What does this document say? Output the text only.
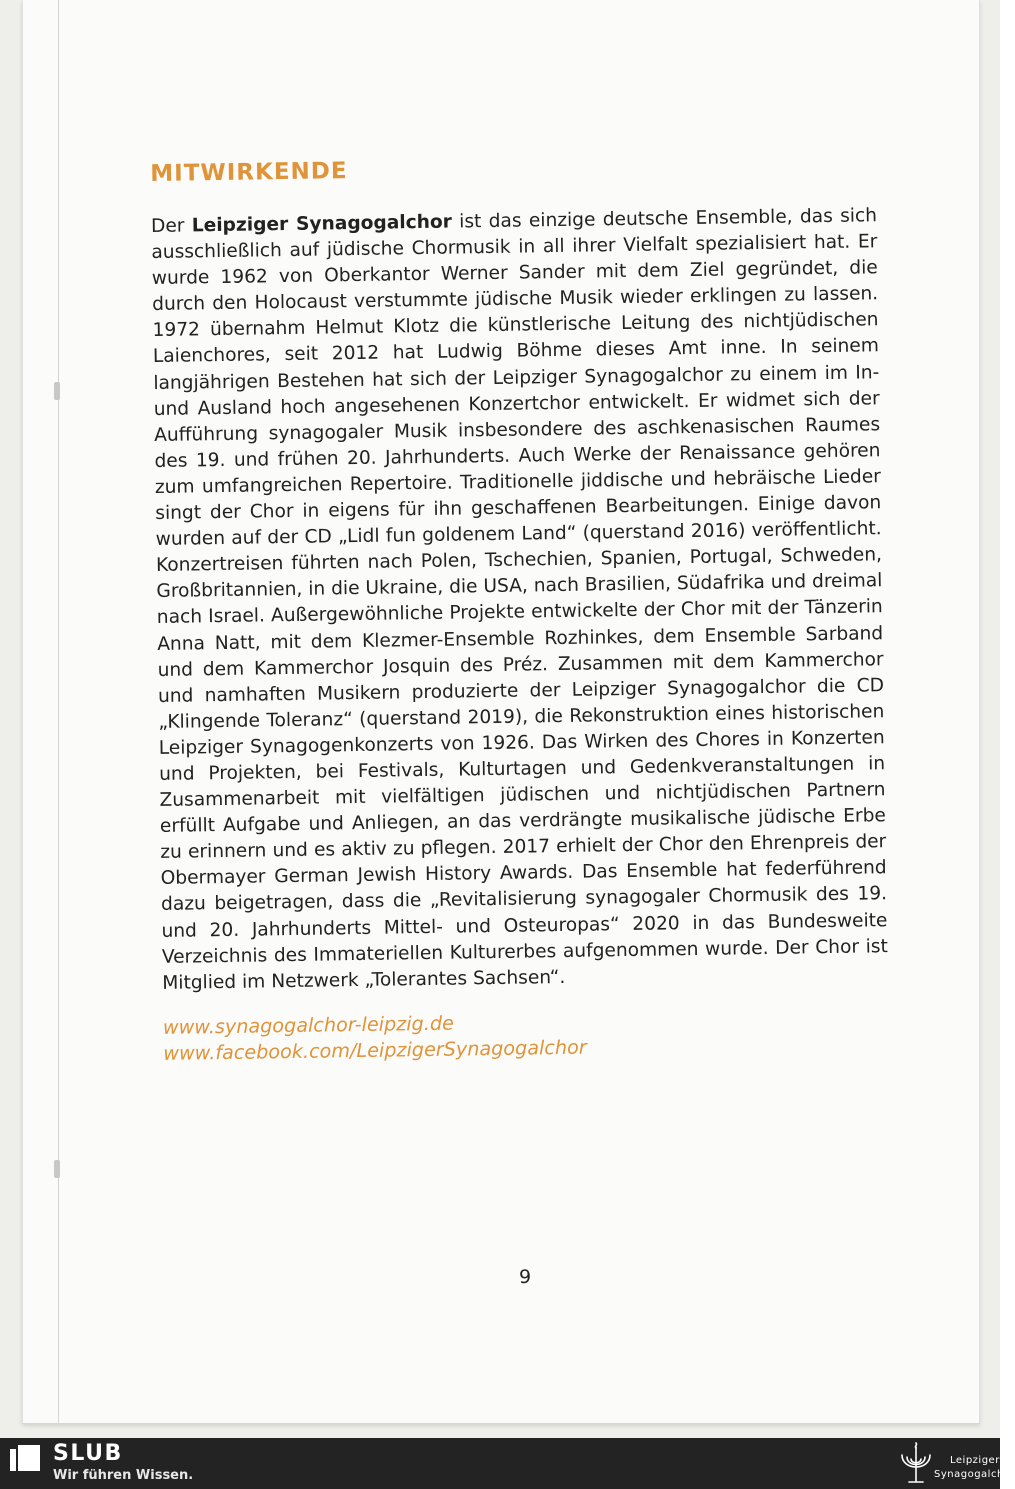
MITWIRKENDE

Der Leipziger Synagogalchor ist das einzige deutsche Ensemble, das sich ausschließlich auf jüdische Chormusik in all ihrer Vielfalt spezialisiert hat. Er wurde 1962 von Oberkantor Werner Sander mit dem Ziel gegründet, die durch den Holocaust verstummte jüdische Musik wieder erklingen zu lassen. 1972 übernahm Helmut Klotz die künstlerische Leitung des nichtjüdischen Laienchores, seit 2012 hat Ludwig Böhme dieses Amt inne. In seinem langjährigen Bestehen hat sich der Leipziger Synagogalchor zu einem im In- und Ausland hoch angesehenen Konzertchor entwickelt. Er widmet sich der Aufführung synagogaler Musik insbesondere des aschkenasischen Raumes des 19. und frühen 20. Jahrhunderts. Auch Werke der Renaissance gehören zum umfangreichen Repertoire. Traditionelle jiddische und hebräische Lieder singt der Chor in eigens für ihn geschaffenen Bearbeitungen. Einige davon wurden auf der CD „Lidl fun goldenem Land“ (querstand 2016) veröffentlicht. Konzertreisen führten nach Polen, Tschechien, Spanien, Portugal, Schweden, Großbritannien, in die Ukraine, die USA, nach Brasilien, Südafrika und dreimal nach Israel. Außergewöhnliche Projekte entwickelte der Chor mit der Tänzerin Anna Natt, mit dem Klezmer-Ensemble Rozhinkes, dem Ensemble Sarband und dem Kammerchor Josquin des Préz. Zusammen mit dem Kammerchor und namhaften Musikern produzierte der Leipziger Synagogalchor die CD „Klingende Toleranz“ (querstand 2019), die Rekonstruktion eines historischen Leipziger Synagogenkonzerts von 1926. Das Wirken des Chores in Konzerten und Projekten, bei Festivals, Kulturtagen und Gedenkveranstaltungen in Zusammenarbeit mit vielfältigen jüdischen und nichtjüdischen Partnern erfüllt Aufgabe und Anliegen, an das verdrängte musikalische jüdische Erbe zu erinnern und es aktiv zu pflegen. 2017 erhielt der Chor den Ehrenpreis der Obermayer German Jewish History Awards. Das Ensemble hat federführend dazu beigetragen, dass die „Revitalisierung synagogaler Chormusik des 19. und 20. Jahrhunderts Mittel- und Osteuropas“ 2020 in das Bundesweite Verzeichnis des Immateriellen Kulturerbes aufgenommen wurde. Der Chor ist Mitglied im Netzwerk „Tolerantes Sachsen“.

www.synagogalchor-leipzig.de
www.facebook.com/LeipzigerSynagogalchor
9
SLUB
Wir führen Wissen.
Leipziger
Synagogalchor
